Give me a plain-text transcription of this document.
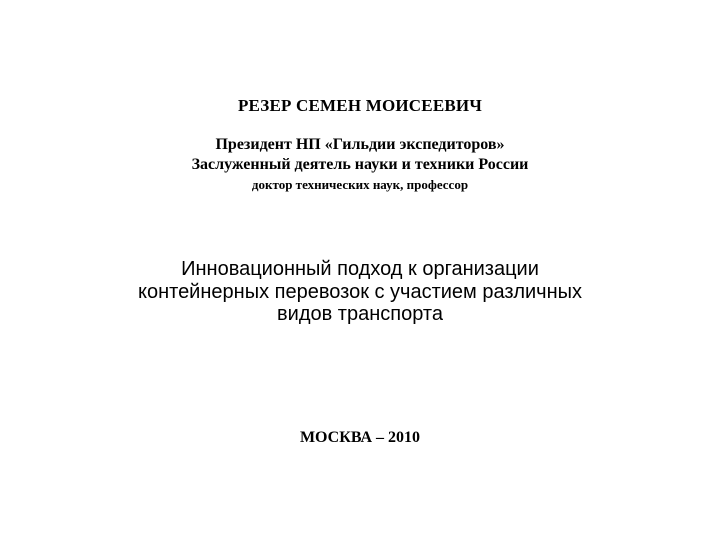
РЕЗЕР СЕМЕН МОИСЕЕВИЧ
Президент НП «Гильдии экспедиторов»
Заслуженный деятель науки и техники России
доктор технических наук, профессор
Инновационный подход к организации
контейнерных перевозок с участием различных
видов транспорта
МОСКВА – 2010
